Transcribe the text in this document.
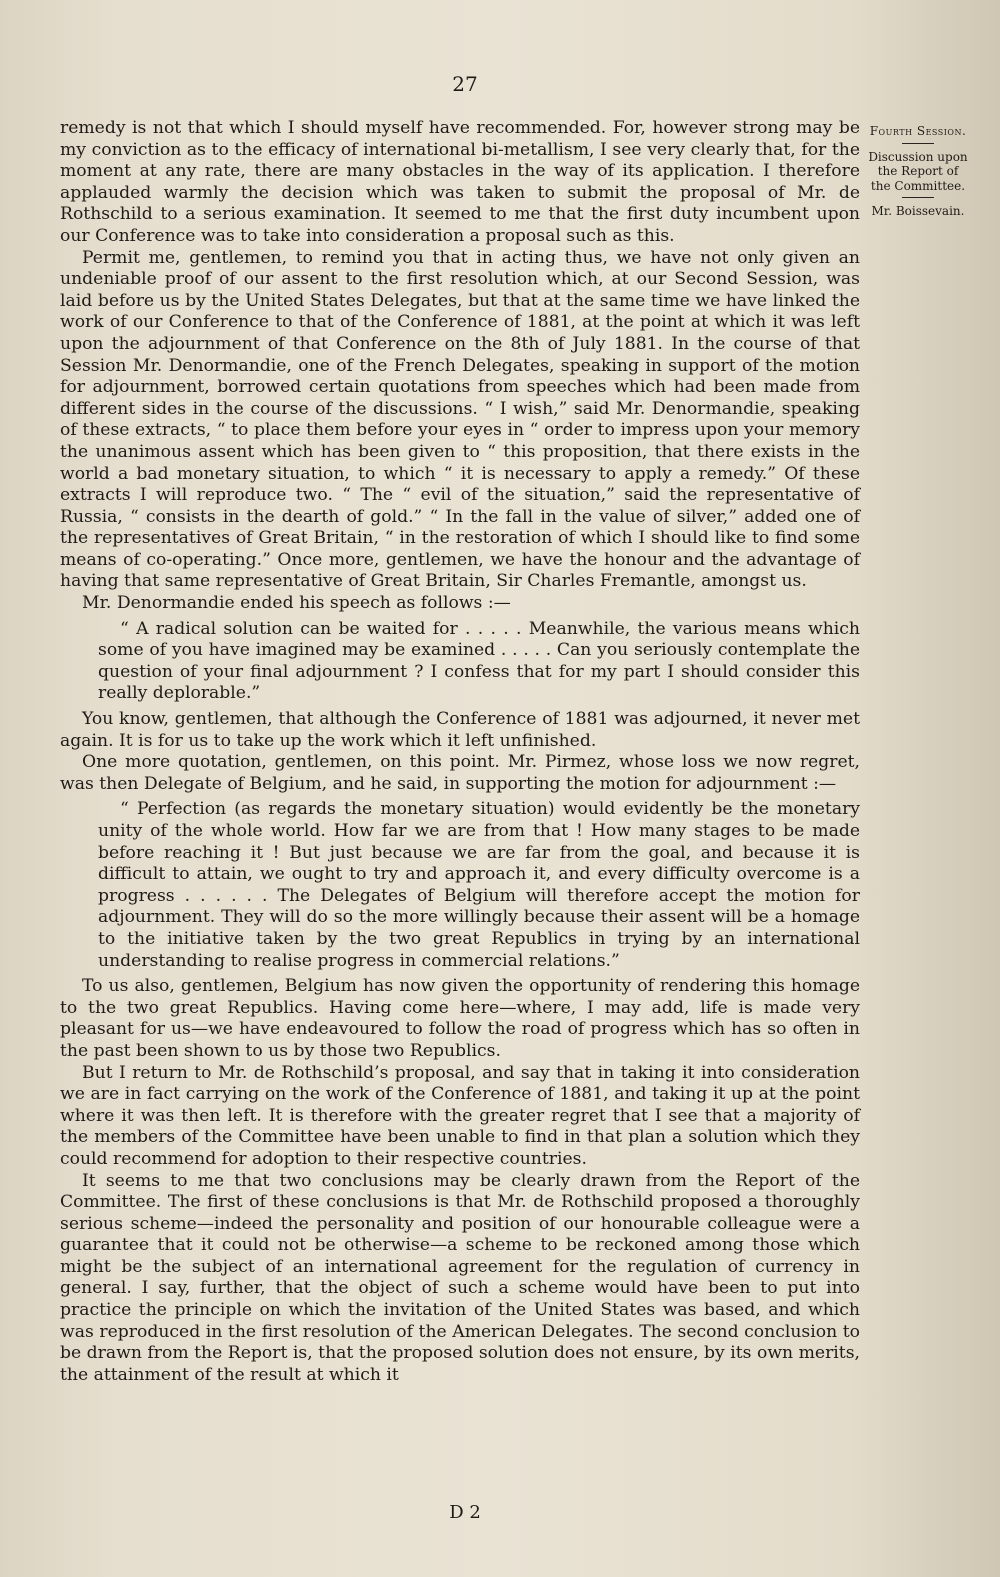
27

Fourth Session.

Discussion upon the Report of the Committee.

Mr. Boissevain.

remedy is not that which I should myself have recommended. For, however strong may be my conviction as to the efficacy of international bi-metallism, I see very clearly that, for the moment at any rate, there are many obstacles in the way of its application. I therefore applauded warmly the decision which was taken to submit the proposal of Mr. de Rothschild to a serious examination. It seemed to me that the first duty incumbent upon our Conference was to take into consideration a proposal such as this.

Permit me, gentlemen, to remind you that in acting thus, we have not only given an undeniable proof of our assent to the first resolution which, at our Second Session, was laid before us by the United States Delegates, but that at the same time we have linked the work of our Conference to that of the Conference of 1881, at the point at which it was left upon the adjournment of that Conference on the 8th of July 1881. In the course of that Session Mr. Denormandie, one of the French Delegates, speaking in support of the motion for adjournment, borrowed certain quotations from speeches which had been made from different sides in the course of the discussions. “ I wish,” said Mr. Denormandie, speaking of these extracts, “ to place them before your eyes in “ order to impress upon your memory the unanimous assent which has been given to “ this proposition, that there exists in the world a bad monetary situation, to which “ it is necessary to apply a remedy.” Of these extracts I will reproduce two. “ The “ evil of the situation,” said the representative of Russia, “ consists in the dearth of gold.” “ In the fall in the value of silver,” added one of the representatives of Great Britain, “ in the restoration of which I should like to find some means of co-operating.” Once more, gentlemen, we have the honour and the advantage of having that same representative of Great Britain, Sir Charles Fremantle, amongst us.

Mr. Denormandie ended his speech as follows :—

“ A radical solution can be waited for . . . . . Meanwhile, the various means which some of you have imagined may be examined . . . . . Can you seriously contemplate the question of your final adjournment ? I confess that for my part I should consider this really deplorable.”

You know, gentlemen, that although the Conference of 1881 was adjourned, it never met again. It is for us to take up the work which it left unfinished.

One more quotation, gentlemen, on this point. Mr. Pirmez, whose loss we now regret, was then Delegate of Belgium, and he said, in supporting the motion for adjournment :—

“ Perfection (as regards the monetary situation) would evidently be the monetary unity of the whole world. How far we are from that ! How many stages to be made before reaching it ! But just because we are far from the goal, and because it is difficult to attain, we ought to try and approach it, and every difficulty overcome is a progress . . . . . . The Delegates of Belgium will therefore accept the motion for adjournment. They will do so the more willingly because their assent will be a homage to the initiative taken by the two great Republics in trying by an international understanding to realise progress in commercial relations.”

To us also, gentlemen, Belgium has now given the opportunity of rendering this homage to the two great Republics. Having come here—where, I may add, life is made very pleasant for us—we have endeavoured to follow the road of progress which has so often in the past been shown to us by those two Republics.

But I return to Mr. de Rothschild’s proposal, and say that in taking it into consideration we are in fact carrying on the work of the Conference of 1881, and taking it up at the point where it was then left. It is therefore with the greater regret that I see that a majority of the members of the Committee have been unable to find in that plan a solution which they could recommend for adoption to their respective countries.

It seems to me that two conclusions may be clearly drawn from the Report of the Committee. The first of these conclusions is that Mr. de Rothschild proposed a thoroughly serious scheme—indeed the personality and position of our honourable colleague were a guarantee that it could not be otherwise—a scheme to be reckoned among those which might be the subject of an international agreement for the regulation of currency in general. I say, further, that the object of such a scheme would have been to put into practice the principle on which the invitation of the United States was based, and which was reproduced in the first resolution of the American Delegates. The second conclusion to be drawn from the Report is, that the proposed solution does not ensure, by its own merits, the attainment of the result at which it

D 2
